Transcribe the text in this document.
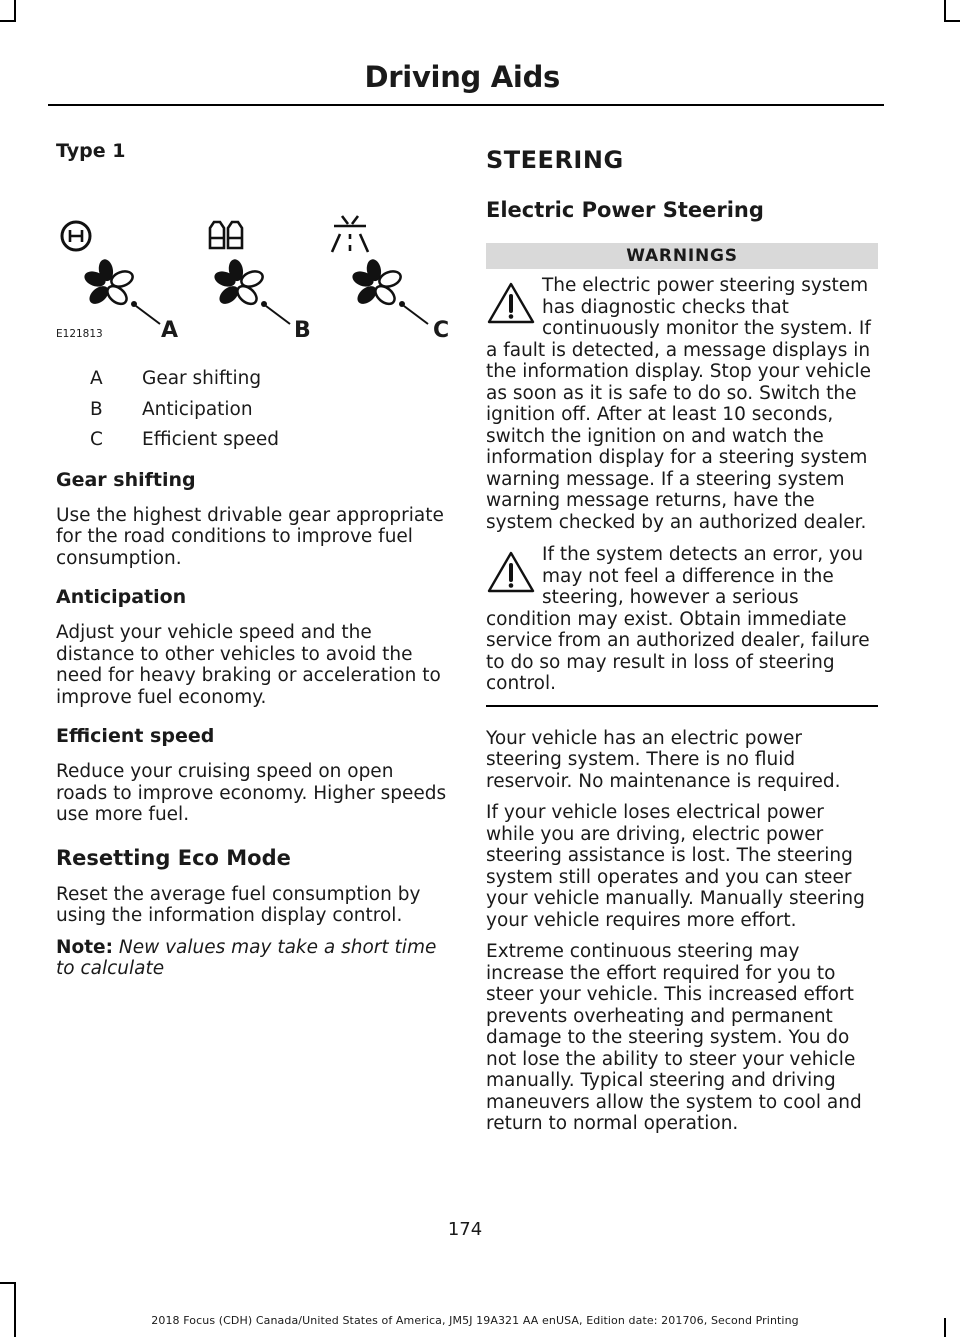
Driving Aids
Type 1
E121813	A	B	C
A	Gear shifting
B	Anticipation
C	Efficient speed
Gear shifting

Use the highest drivable gear appropriate for the road conditions to improve fuel consumption.

Anticipation

Adjust your vehicle speed and the distance to other vehicles to avoid the need for heavy braking or acceleration to improve fuel economy.

Efficient speed

Reduce your cruising speed on open roads to improve economy. Higher speeds use more fuel.

Resetting Eco Mode

Reset the average fuel consumption by using the information display control.

Note: New values may take a short time to calculate

STEERING
Electric Power Steering
WARNINGS

The electric power steering system has diagnostic checks that continuously monitor the system. If a fault is detected, a message displays in the information display. Stop your vehicle as soon as it is safe to do so. Switch the ignition off. After at least 10 seconds, switch the ignition on and watch the information display for a steering system warning message. If a steering system warning message returns, have the system checked by an authorized dealer.

If the system detects an error, you may not feel a difference in the steering, however a serious condition may exist. Obtain immediate service from an authorized dealer, failure to do so may result in loss of steering control.

Your vehicle has an electric power steering system. There is no fluid reservoir. No maintenance is required.

If your vehicle loses electrical power while you are driving, electric power steering assistance is lost. The steering system still operates and you can steer your vehicle manually. Manually steering your vehicle requires more effort.

Extreme continuous steering may increase the effort required for you to steer your vehicle. This increased effort prevents overheating and permanent damage to the steering system. You do not lose the ability to steer your vehicle manually. Typical steering and driving maneuvers allow the system to cool and return to normal operation.

174
2018 Focus (CDH) Canada/United States of America, JM5J 19A321 AA enUSA, Edition date: 201706, Second Printing
